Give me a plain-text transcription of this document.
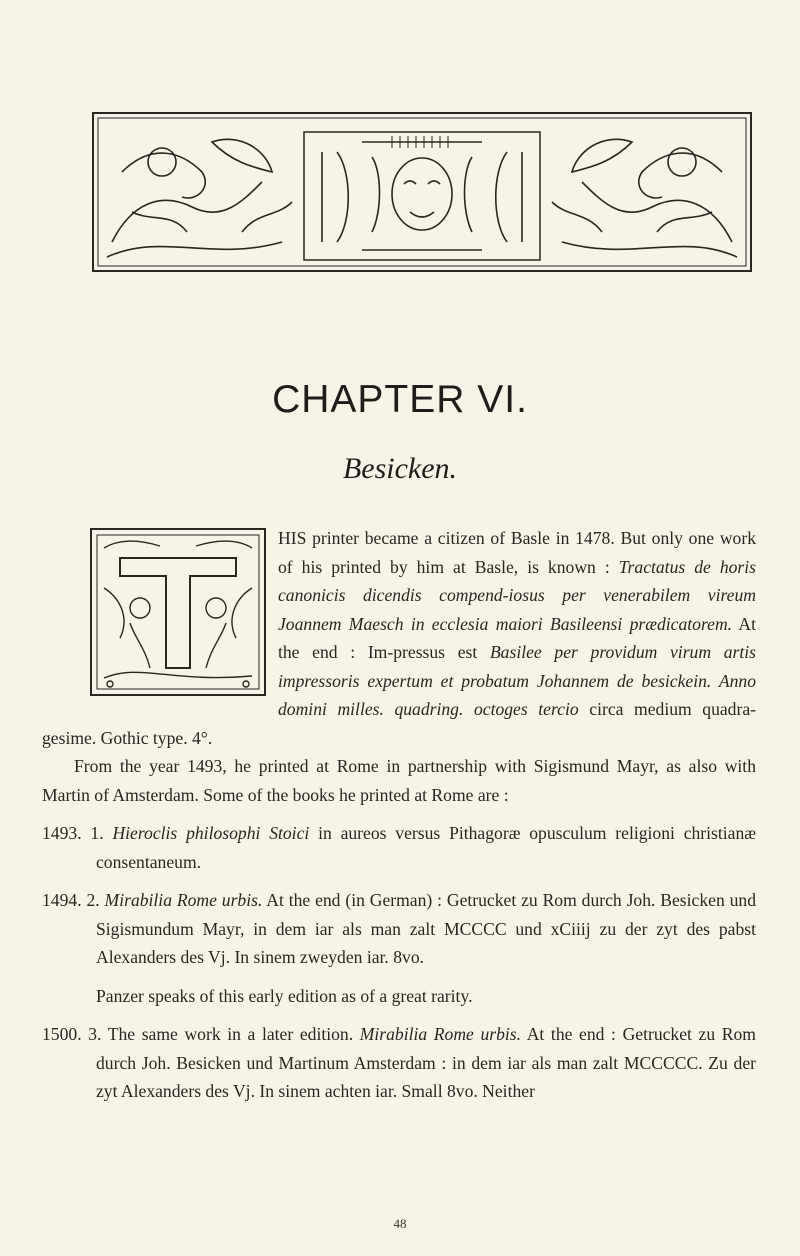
CHAPTER VI.
Besicken.

HIS printer became a citizen of Basle in 1478. But only one work of his printed by him at Basle, is known : Tractatus de horis canonicis dicendis compend-iosus per venerabilem vireum Joannem Maesch in ecclesia maiori Basileensi prædicatorem. At the end : Im-pressus est Basilee per providum virum artis impressoris expertum et probatum Johannem de besickein. Anno domini milles. quadring. octoges tercio circa medium quadra-gesime. Gothic type. 4°.

From the year 1493, he printed at Rome in partnership with Sigismund Mayr, as also with Martin of Amsterdam. Some of the books he printed at Rome are :

1493. 1. Hieroclis philosophi Stoici in aureos versus Pithagoræ opusculum religioni christianæ consentaneum.

1494. 2. Mirabilia Rome urbis. At the end (in German) : Getrucket zu Rom durch Joh. Besicken und Sigismundum Mayr, in dem iar als man zalt MCCCC und xCiiij zu der zyt des pabst Alexanders des Vj. In sinem zweyden iar. 8vo.

Panzer speaks of this early edition as of a great rarity.

1500. 3. The same work in a later edition. Mirabilia Rome urbis. At the end : Getrucket zu Rom durch Joh. Besicken und Martinum Amsterdam : in dem iar als man zalt MCCCCC. Zu der zyt Alexanders des Vj. In sinem achten iar. Small 8vo. Neither

48
